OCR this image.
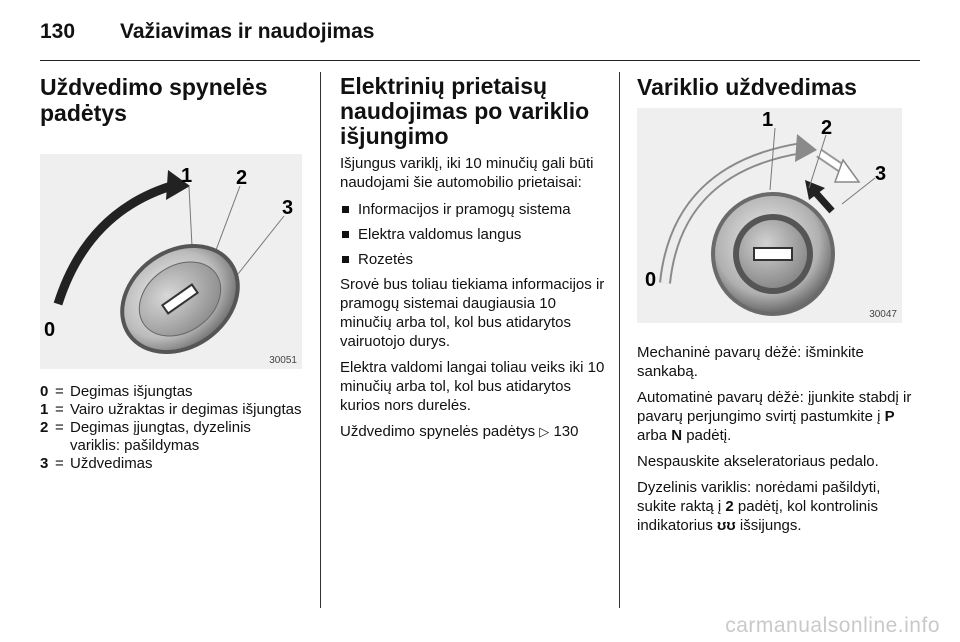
130 Važiavimas ir naudojimas
Uždvedimo spynelės padėtys
1 2
3
0
30051
0 = Degimas išjungtas
1 = Vairo užraktas ir degimas išjungtas
2 = Degimas įjungtas, dyzelinis variklis: pašildymas
3 = Uždvedimas
Elektrinių prietaisų naudojimas po variklio išjungimo

Išjungus variklį, iki 10 minučių gali būti naudojami šie automobilio prietaisai:

Informacijos ir pramogų sistema
Elektra valdomus langus
Rozetės

Srovė bus toliau tiekiama informacijos ir pramogų sistemai daugiausia 10 minučių arba tol, kol bus atidarytos vairuotojo durys.

Elektra valdomi langai toliau veiks iki 10 minučių arba tol, kol bus atidarytos kurios nors durelės.

Uždvedimo spynelės padėtys ▷ 130

Variklio uždvedimas
1 2
3
0
30047

Mechaninė pavarų dėžė: išminkite sankabą.

Automatinė pavarų dėžė: įjunkite stabdį ir pavarų perjungimo svirtį pastumkite į P arba N padėtį.

Nespauskite akseleratoriaus pedalo.

Dyzelinis variklis: norėdami pašildyti, sukite raktą į 2 padėtį, kol kontrolinis indikatorius ʊʊ išsijungs.

carmanualsonline.info
